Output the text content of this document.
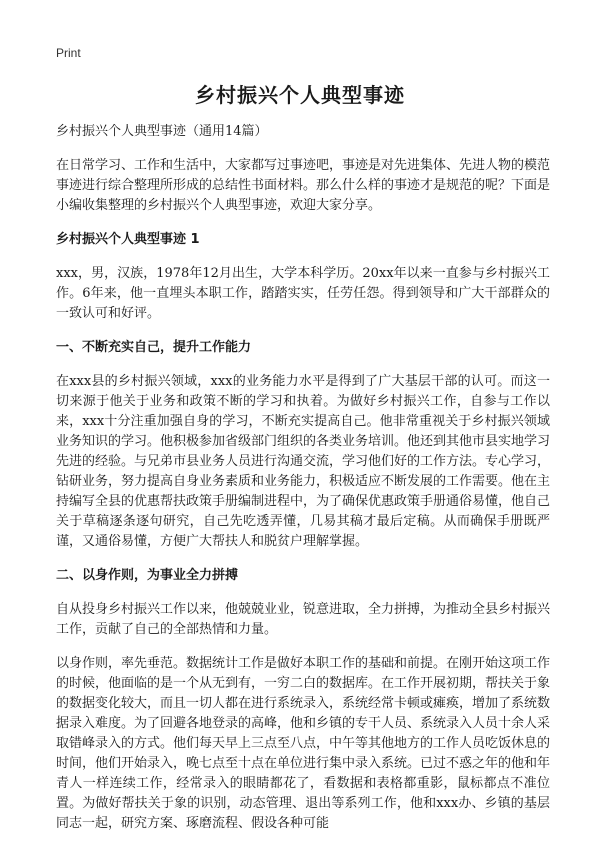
Print
乡村振兴个人典型事迹

乡村振兴个人典型事迹（通用14篇）

在日常学习、工作和生活中，大家都写过事迹吧，事迹是对先进集体、先进人物的模范事迹进行综合整理所形成的总结性书面材料。那么什么样的事迹才是规范的呢？下面是小编收集整理的乡村振兴个人典型事迹，欢迎大家分享。

乡村振兴个人典型事迹 1

xxx，男，汉族，1978年12月出生，大学本科学历。20xx年以来一直参与乡村振兴工作。6年来，他一直埋头本职工作，踏踏实实，任劳任怨。得到领导和广大干部群众的一致认可和好评。

一、不断充实自己，提升工作能力

在xxx县的乡村振兴领域，xxx的业务能力水平是得到了广大基层干部的认可。而这一切来源于他关于业务和政策不断的学习和执着。为做好乡村振兴工作，自参与工作以来，xxx十分注重加强自身的学习，不断充实提高自己。他非常重视关于乡村振兴领域业务知识的学习。他积极参加省级部门组织的各类业务培训。他还到其他市县实地学习先进的经验。与兄弟市县业务人员进行沟通交流，学习他们好的工作方法。专心学习，钻研业务，努力提高自身业务素质和业务能力，积极适应不断发展的工作需要。他在主持编写全县的优惠帮扶政策手册编制进程中，为了确保优惠政策手册通俗易懂，他自己关于草稿逐条逐句研究，自己先吃透弄懂，几易其稿才最后定稿。从而确保手册既严谨，又通俗易懂，方便广大帮扶人和脱贫户理解掌握。

二、以身作则，为事业全力拼搏

自从投身乡村振兴工作以来，他兢兢业业，锐意进取，全力拼搏，为推动全县乡村振兴工作，贡献了自己的全部热情和力量。

以身作则，率先垂范。数据统计工作是做好本职工作的基础和前提。在刚开始这项工作的时候，他面临的是一个从无到有，一穷二白的数据库。在工作开展初期，帮扶关于象的数据变化较大，而且一切人都在进行系统录入，系统经常卡顿或瘫痪，增加了系统数据录入难度。为了回避各地登录的高峰，他和乡镇的专干人员、系统录入人员十余人采取错峰录入的方式。他们每天早上三点至八点，中午等其他地方的工作人员吃饭休息的时间，他们开始录入，晚七点至十点在单位进行集中录入系统。已过不惑之年的他和年青人一样连续工作，经常录入的眼睛都花了，看数据和表格都重影，鼠标都点不准位置。为做好帮扶关于象的识别，动态管理、退出等系列工作，他和xxx办、乡镇的基层同志一起，研究方案、琢磨流程、假设各种可能
